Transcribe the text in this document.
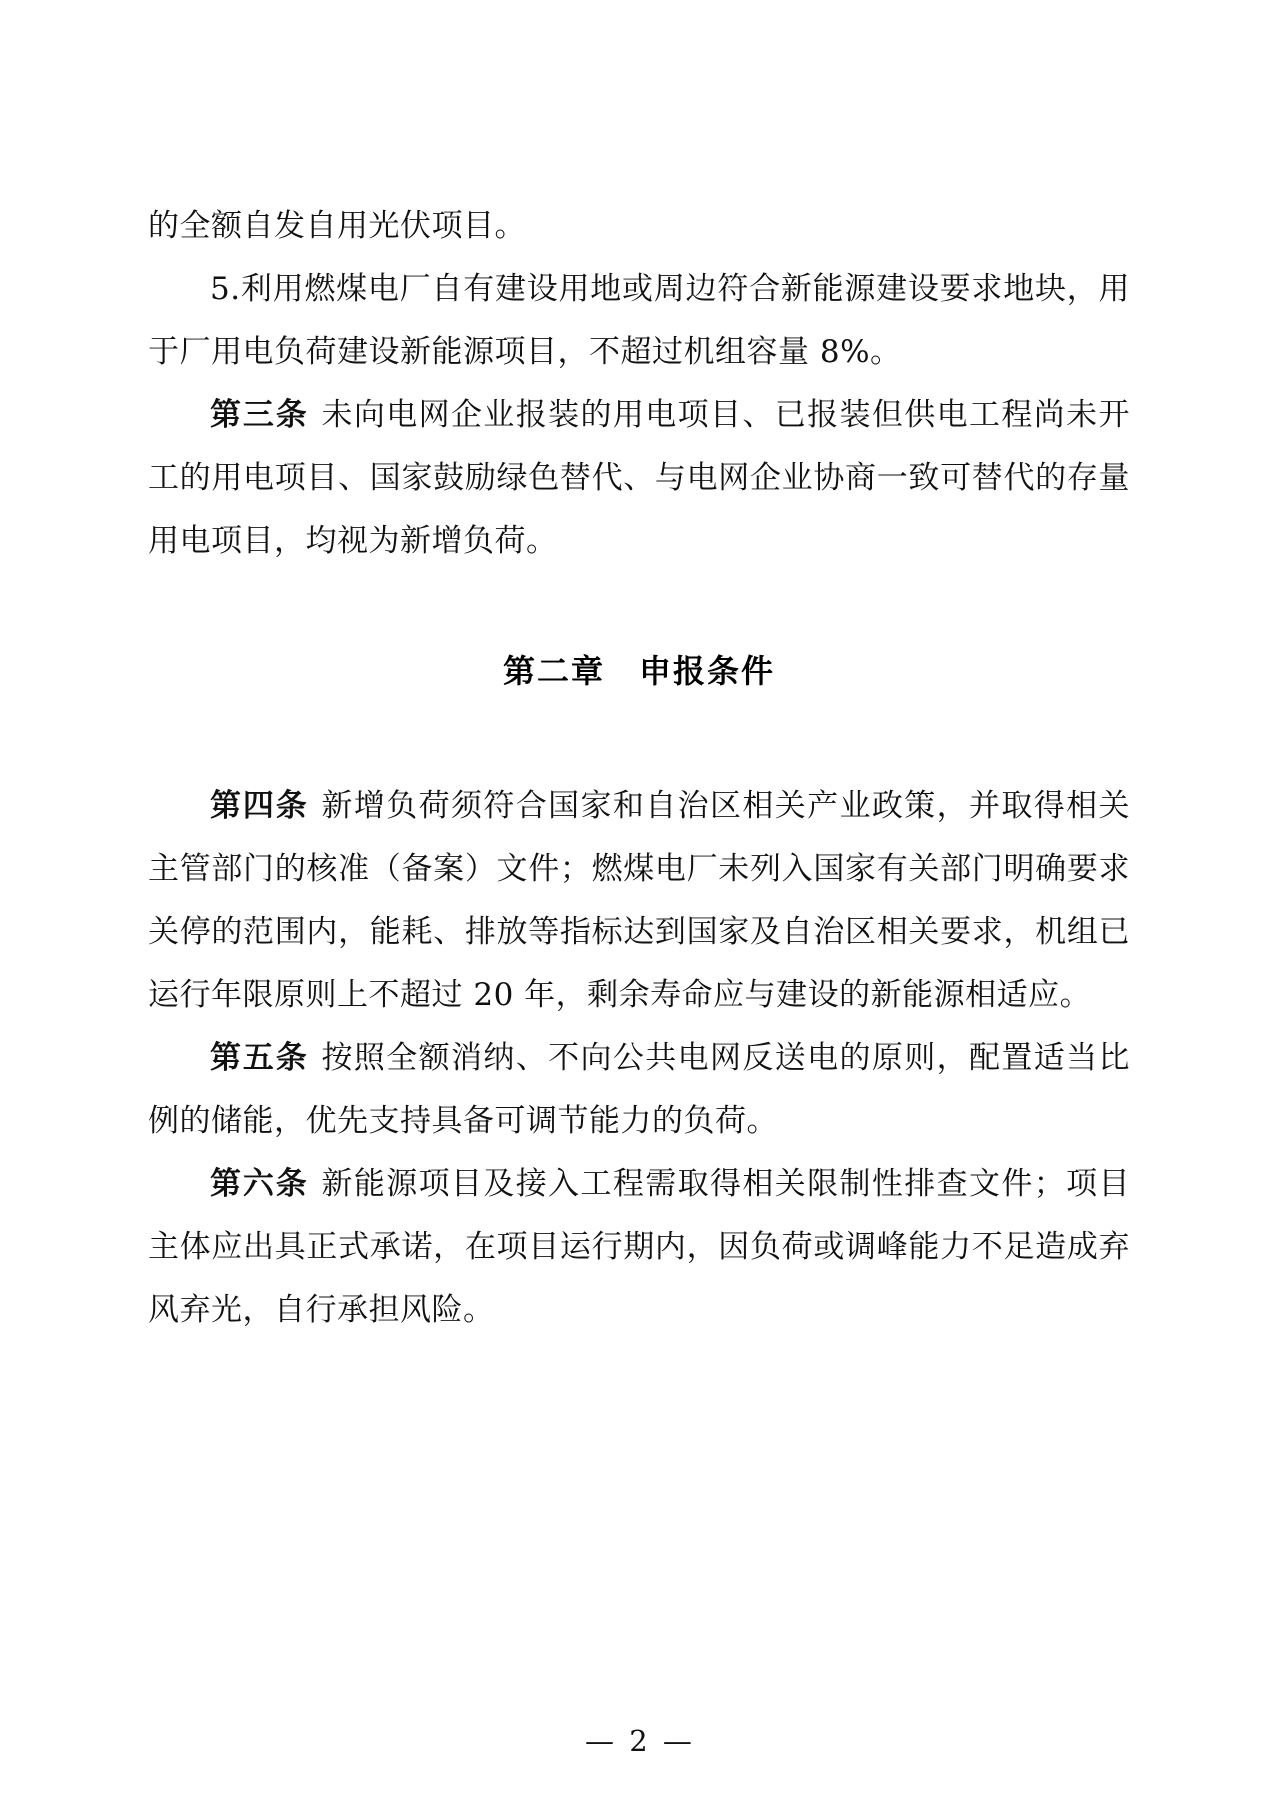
的全额自发自用光伏项目。

5.利用燃煤电厂自有建设用地或周边符合新能源建设要求地块，用于厂用电负荷建设新能源项目，不超过机组容量 8%。

第三条 未向电网企业报装的用电项目、已报装但供电工程尚未开工的用电项目、国家鼓励绿色替代、与电网企业协商一致可替代的存量用电项目，均视为新增负荷。

第二章 申报条件

第四条 新增负荷须符合国家和自治区相关产业政策，并取得相关主管部门的核准（备案）文件；燃煤电厂未列入国家有关部门明确要求关停的范围内，能耗、排放等指标达到国家及自治区相关要求，机组已运行年限原则上不超过 20 年，剩余寿命应与建设的新能源相适应。

第五条 按照全额消纳、不向公共电网反送电的原则，配置适当比例的储能，优先支持具备可调节能力的负荷。

第六条 新能源项目及接入工程需取得相关限制性排查文件；项目主体应出具正式承诺，在项目运行期内，因负荷或调峰能力不足造成弃风弃光，自行承担风险。

— 2 —
